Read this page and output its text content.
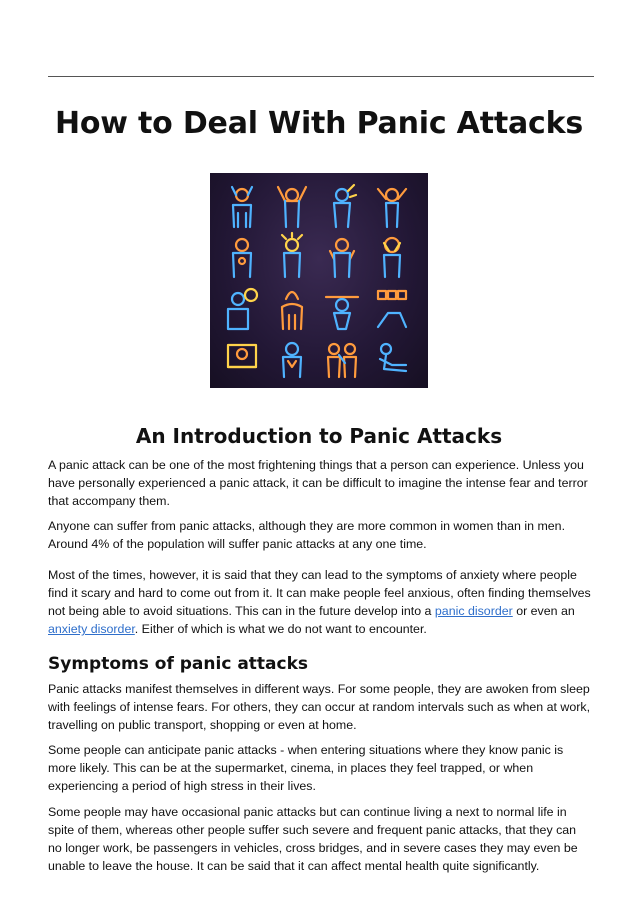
How to Deal With Panic Attacks
An Introduction to Panic Attacks
A panic attack can be one of the most frightening things that a person can experience. Unless you have personally experienced a panic attack, it can be difficult to imagine the intense fear and terror that accompany them.
Anyone can suffer from panic attacks, although they are more common in women than in men. Around 4% of the population will suffer panic attacks at any one time.
Most of the times, however, it is said that they can lead to the symptoms of anxiety where people find it scary and hard to come out from it. It can make people feel anxious, often finding themselves not being able to avoid situations. This can in the future develop into a panic disorder or even an anxiety disorder. Either of which is what we do not want to encounter.
Symptoms of panic attacks
Panic attacks manifest themselves in different ways. For some people, they are awoken from sleep with feelings of intense fears. For others, they can occur at random intervals such as when at work, travelling on public transport, shopping or even at home.
Some people can anticipate panic attacks - when entering situations where they know panic is more likely. This can be at the supermarket, cinema, in places they feel trapped, or when experiencing a period of high stress in their lives.
Some people may have occasional panic attacks but can continue living a next to normal life in spite of them, whereas other people suffer such severe and frequent panic attacks, that they can no longer work, be passengers in vehicles, cross bridges, and in severe cases they may even be unable to leave the house. It can be said that it can affect mental health quite significantly.
